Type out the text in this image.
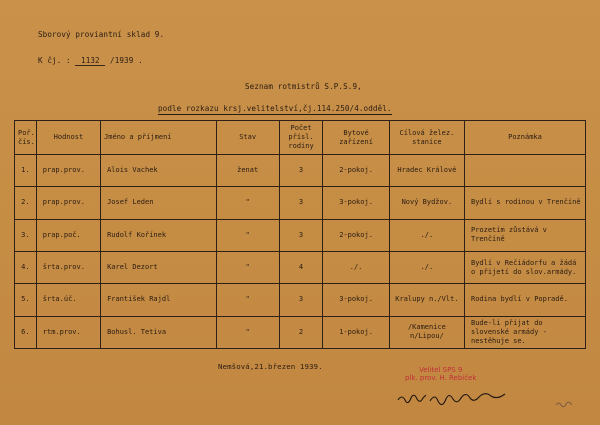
Sborový proviantní sklad 9.
K čj. : 1132 /1939 .
Seznam rotmistrů S.P.S.9,
podle rozkazu krsj.velitelství,čj.114.250/4.odděl.
Poř. čís.	Hodnost	Jméno a příjmení	Stav	Počet přísl. rodiny	Bytové zařízení	Cílová želez. stanice	Poznámka
1.	prap.prov.	Alois Vachek	ženat	3	2-pokoj.	Hradec Králové	
2.	prap.prov.	Josef Leden	"	3	3-pokoj.	Nový Bydžov.	Bydlí s rodinou v Trenčíně
3.	prap.poč.	Rudolf Kořínek	"	3	2-pokoj.	./.	Prozetím zůstává v Trenčíně
4.	šrta.prov.	Karel Dezort	"	4	./.	./.	Bydlí v Rečiádorfu a žádá o přijetí do slov.armády.
5.	šrta.úč.	František Rajdl	"	3	3-pokoj.	Kralupy n./Vlt.	Rodina bydlí v Popradě.
6.	rtm.prov.	Bohusl. Tetiva	"	2	1-pokoj.	/Kamenice n/Lipou/	Bude-li přijat do slovenské armády - nestěhuje se.
Nemšová,21.březen 1939.	Velitel SPS 9
plk. prov. H. Řebíček
